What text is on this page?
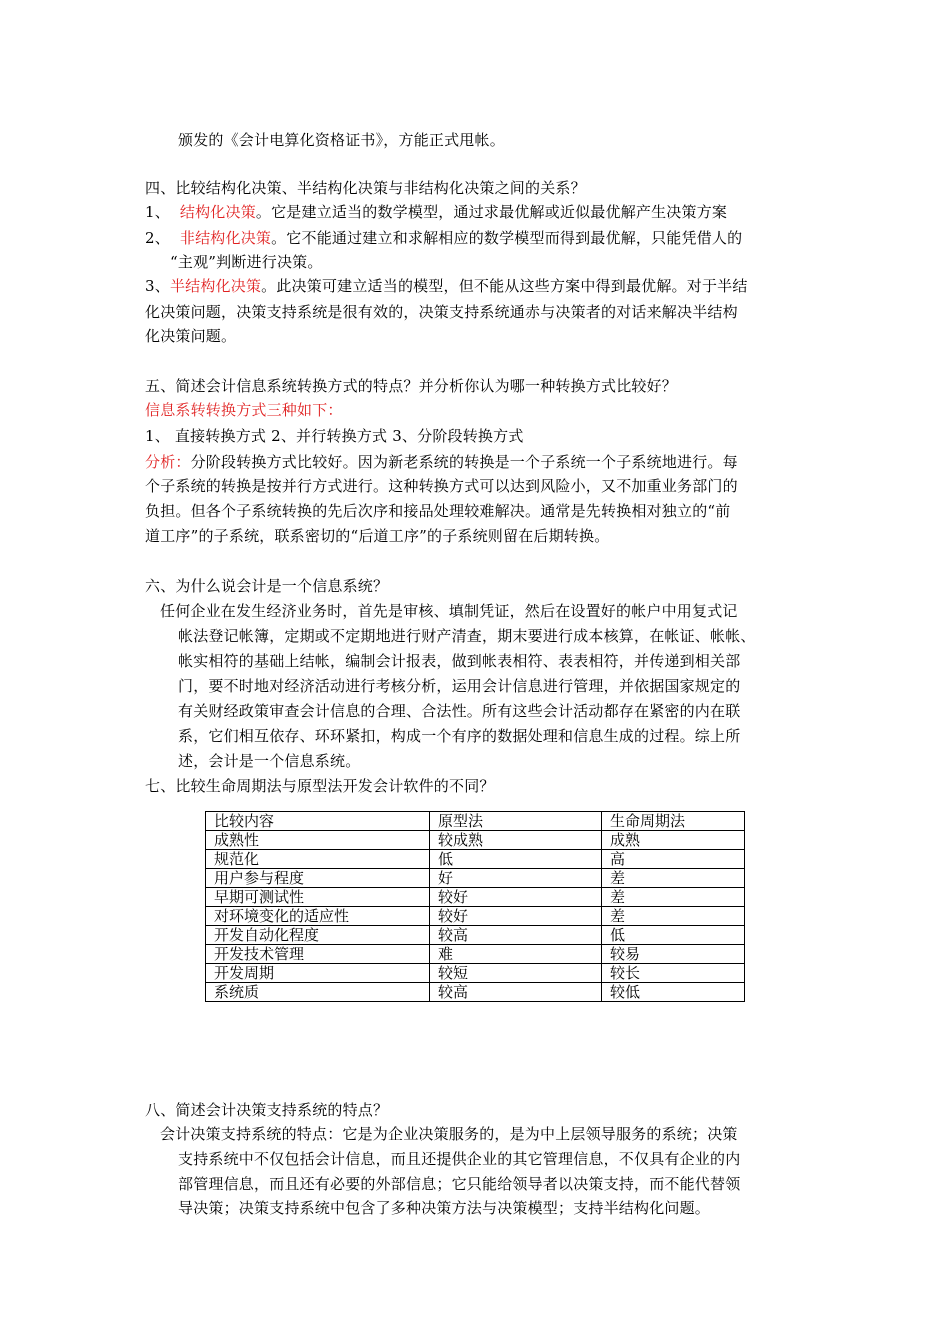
颁发的《会计电算化资格证书》，方能正式甩帐。
四、比较结构化决策、半结构化决策与非结构化决策之间的关系？
1、 结构化决策。它是建立适当的数学模型，通过求最优解或近似最优解产生决策方案
2、 非结构化决策。它不能通过建立和求解相应的数学模型而得到最优解，只能凭借人的
“主观”判断进行决策。
3、半结构化决策。此决策可建立适当的模型，但不能从这些方案中得到最优解。对于半结
化决策问题，决策支持系统是很有效的，决策支持系统通赤与决策者的对话来解决半结构
化决策问题。
五、简述会计信息系统转换方式的特点？并分析你认为哪一种转换方式比较好？
信息系转转换方式三种如下：
1、 直接转换方式 2、并行转换方式 3、分阶段转换方式
分析：分阶段转换方式比较好。因为新老系统的转换是一个子系统一个子系统地进行。每
个子系统的转换是按并行方式进行。这种转换方式可以达到风险小，又不加重业务部门的
负担。但各个子系统转换的先后次序和接品处理较难解决。通常是先转换相对独立的“前
道工序”的子系统，联系密切的“后道工序”的子系统则留在后期转换。
六、为什么说会计是一个信息系统？
任何企业在发生经济业务时，首先是审核、填制凭证，然后在设置好的帐户中用复式记
帐法登记帐簿，定期或不定期地进行财产清查，期末要进行成本核算，在帐证、帐帐、
帐实相符的基础上结帐，编制会计报表，做到帐表相符、表表相符，并传递到相关部
门，要不时地对经济活动进行考核分析，运用会计信息进行管理，并依据国家规定的
有关财经政策审查会计信息的合理、合法性。所有这些会计活动都存在紧密的内在联
系，它们相互依存、环环紧扣，构成一个有序的数据处理和信息生成的过程。综上所
述，会计是一个信息系统。
七、比较生命周期法与原型法开发会计软件的不同？
比较内容	原型法	生命周期法
成熟性	较成熟	成熟
规范化	低	高
用户参与程度	好	差
早期可测试性	较好	差
对环境变化的适应性	较好	差
开发自动化程度	较高	低
开发技术管理	难	较易
开发周期	较短	较长
系统质	较高	较低
八、简述会计决策支持系统的特点？
会计决策支持系统的特点：它是为企业决策服务的，是为中上层领导服务的系统；决策
支持系统中不仅包括会计信息，而且还提供企业的其它管理信息，不仅具有企业的内
部管理信息，而且还有必要的外部信息；它只能给领导者以决策支持，而不能代替领
导决策；决策支持系统中包含了多种决策方法与决策模型；支持半结构化问题。
